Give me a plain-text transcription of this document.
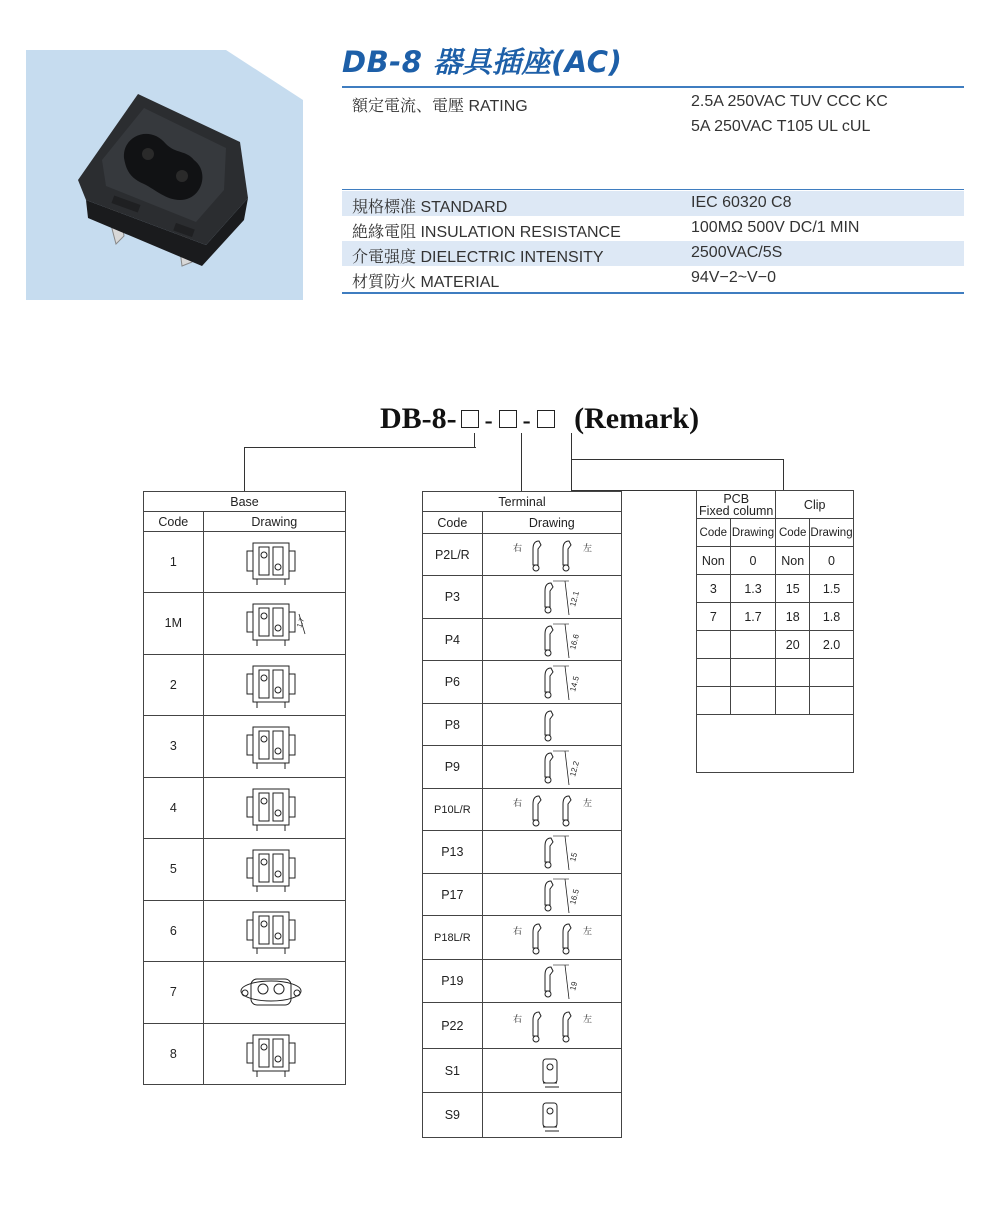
DB-8 器具插座(AC)
額定電流、電壓 RATING	2.5A 250VAC TUV CCC KC
5A 250VAC T105 UL cUL
規格標准 STANDARD	IEC 60320 C8
絶緣電阻 INSULATION RESISTANCE	100MΩ 500V DC/1 MIN
介電强度 DIELECTRIC INTENSITY	2500VAC/5S
材質防火 MATERIAL	94V−2~V−0
DB-8- - - (Remark)
Base	
Code	Drawing
1	

1M	1.7

2	

3	

4	

5	

6	

7	

8	
Terminal	
Code	Drawing
P2L/R	右 左

P3	12.1

P4	16.6

P6	14.5

P8	

P9	12.2

P10L/R	右 左

P13	15

P17	16.5

P18L/R	右 左

P19	19

P22	右 左

S1	

S9	
PCB
Fixed column		Clip	
Code	Drawing	Code	Drawing
Non	0	Non	0
3	1.3	15	1.5
7	1.7	18	1.8
		20	2.0
